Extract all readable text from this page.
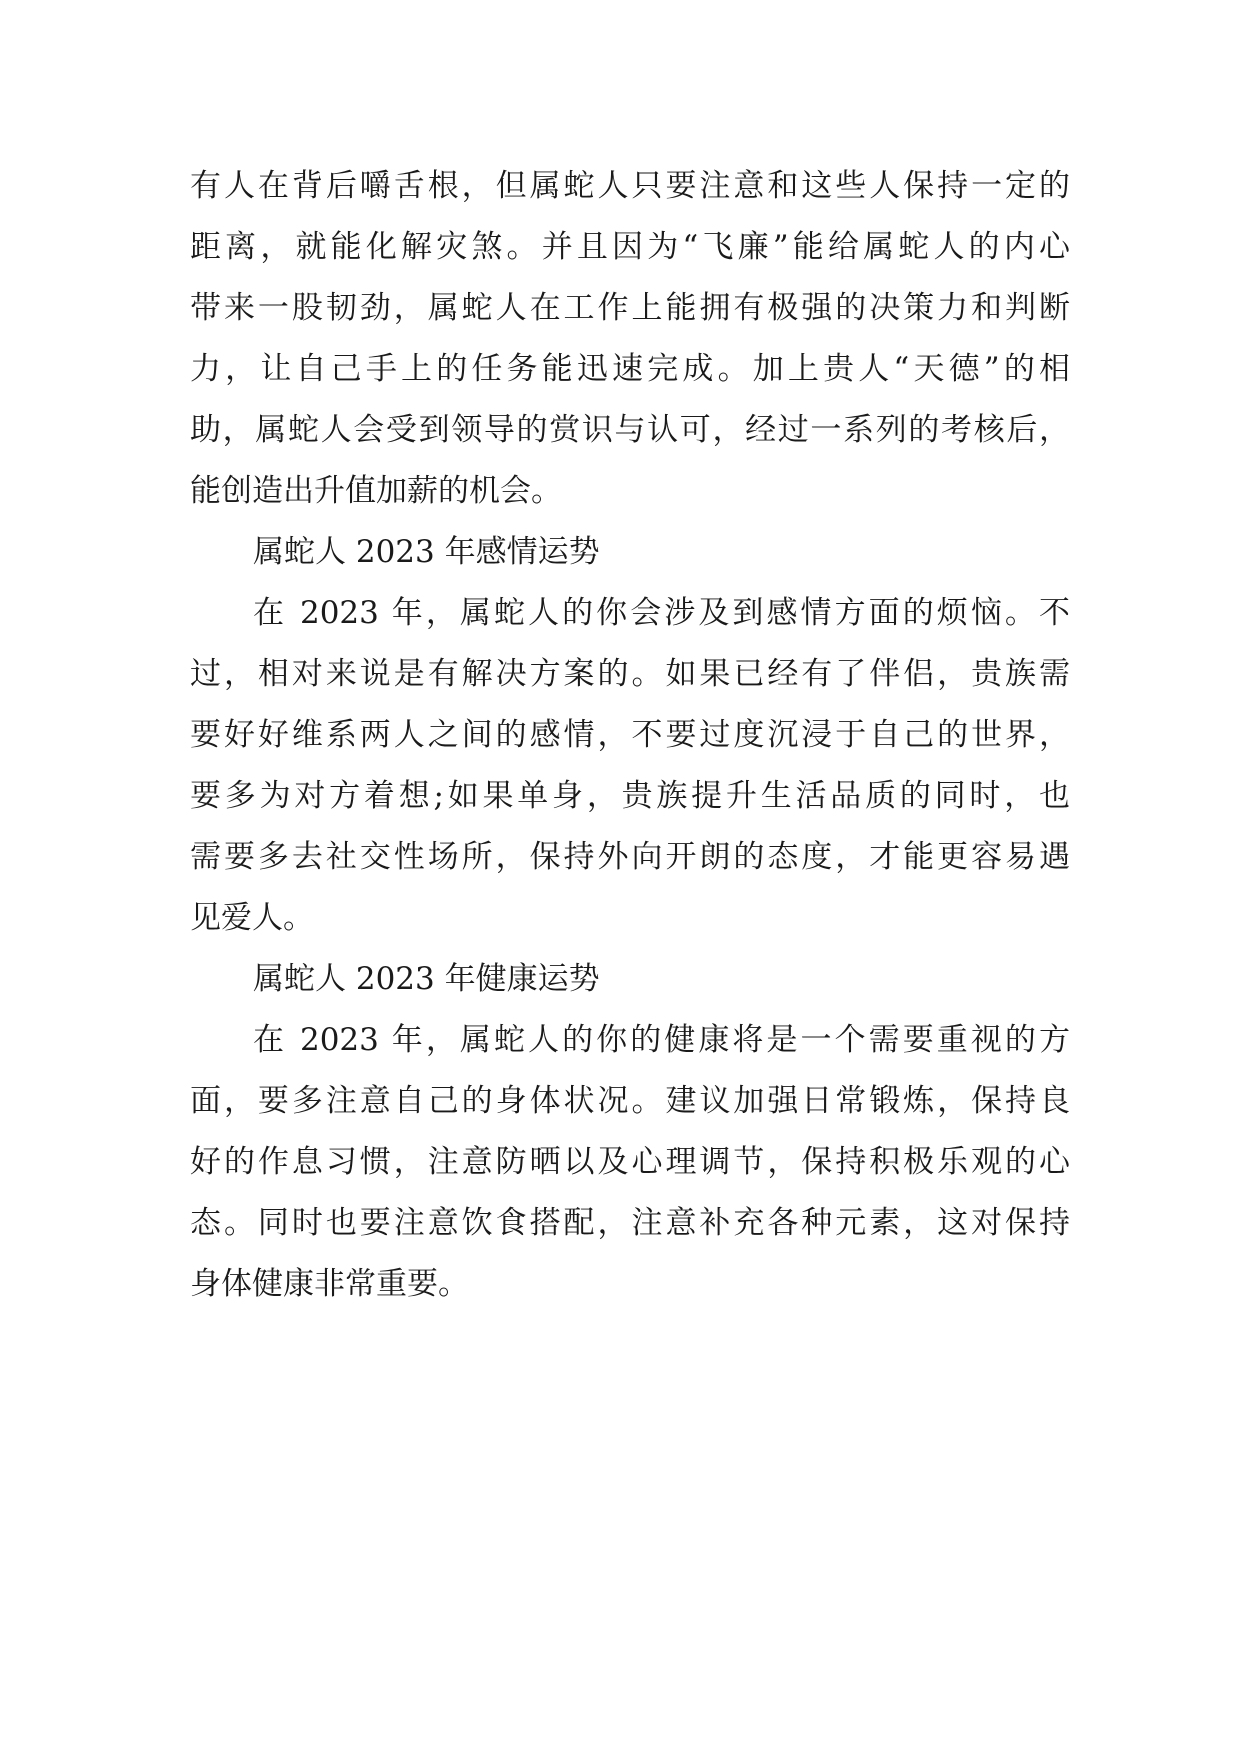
有人在背后嚼舌根，但属蛇人只要注意和这些人保持一定的
距离，就能化解灾煞。并且因为“飞廉”能给属蛇人的内心
带来一股韧劲，属蛇人在工作上能拥有极强的决策力和判断
力，让自己手上的任务能迅速完成。加上贵人“天德”的相
助，属蛇人会受到领导的赏识与认可，经过一系列的考核后，
能创造出升值加薪的机会。
属蛇人 2023 年感情运势
在 2023 年，属蛇人的你会涉及到感情方面的烦恼。不
过，相对来说是有解决方案的。如果已经有了伴侣，贵族需
要好好维系两人之间的感情，不要过度沉浸于自己的世界，
要多为对方着想;如果单身，贵族提升生活品质的同时，也
需要多去社交性场所，保持外向开朗的态度，才能更容易遇
见爱人。
属蛇人 2023 年健康运势
在 2023 年，属蛇人的你的健康将是一个需要重视的方
面，要多注意自己的身体状况。建议加强日常锻炼，保持良
好的作息习惯，注意防晒以及心理调节，保持积极乐观的心
态。同时也要注意饮食搭配，注意补充各种元素，这对保持
身体健康非常重要。
